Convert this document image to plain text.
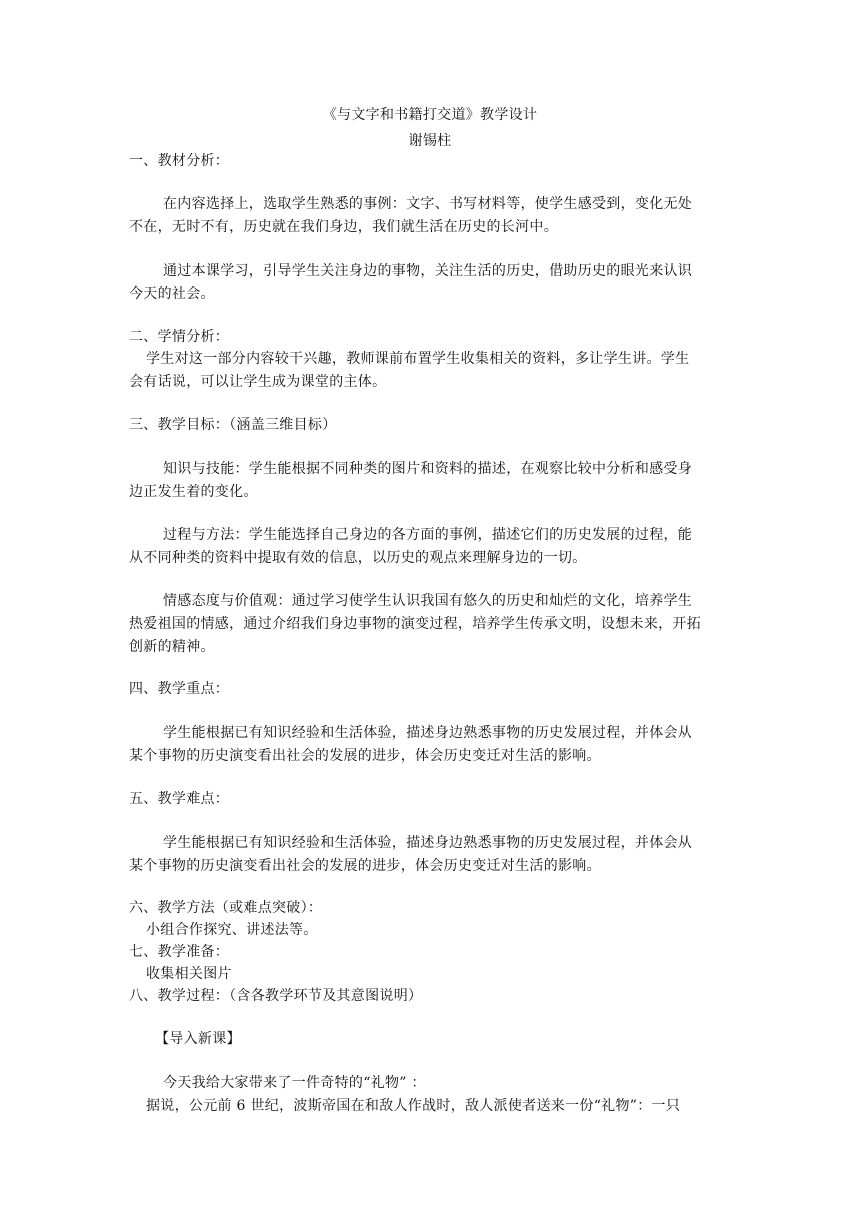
《与文字和书籍打交道》教学设计
谢锡柱
一、教材分析：
在内容选择上，选取学生熟悉的事例：文字、书写材料等，使学生感受到，变化无处
不在，无时不有，历史就在我们身边，我们就生活在历史的长河中。
通过本课学习，引导学生关注身边的事物，关注生活的历史，借助历史的眼光来认识
今天的社会。
二、学情分析：
学生对这一部分内容较干兴趣，教师课前布置学生收集相关的资料，多让学生讲。学生
会有话说，可以让学生成为课堂的主体。
三、教学目标：（涵盖三维目标）
知识与技能：学生能根据不同种类的图片和资料的描述，在观察比较中分析和感受身
边正发生着的变化。
过程与方法：学生能选择自己身边的各方面的事例，描述它们的历史发展的过程，能
从不同种类的资料中提取有效的信息，以历史的观点来理解身边的一切。
情感态度与价值观：通过学习使学生认识我国有悠久的历史和灿烂的文化，培养学生
热爱祖国的情感，通过介绍我们身边事物的演变过程，培养学生传承文明，设想未来，开拓
创新的精神。
四、教学重点：
学生能根据已有知识经验和生活体验，描述身边熟悉事物的历史发展过程，并体会从
某个事物的历史演变看出社会的发展的进步，体会历史变迁对生活的影响。
五、教学难点：
学生能根据已有知识经验和生活体验，描述身边熟悉事物的历史发展过程，并体会从
某个事物的历史演变看出社会的发展的进步，体会历史变迁对生活的影响。
六、教学方法（或难点突破）：
小组合作探究、讲述法等。
七、教学准备：
收集相关图片
八、教学过程：（含各教学环节及其意图说明）
【导入新课】
今天我给大家带来了一件奇特的“礼物” ：
据说，公元前 6 世纪，波斯帝国在和敌人作战时，敌人派使者送来一份“礼物”：一只
